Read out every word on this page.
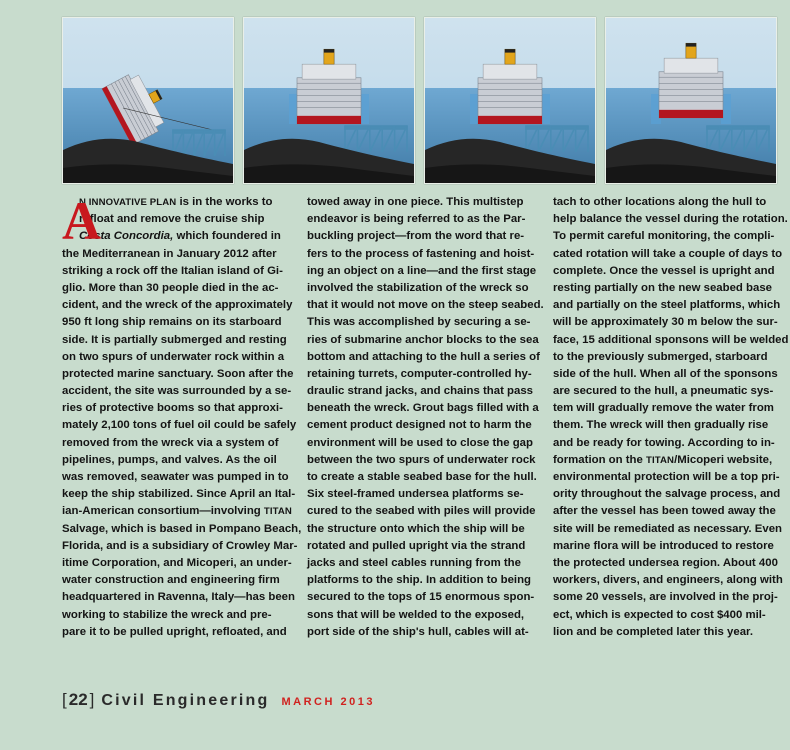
A

N INNOVATIVE PLAN is in the works to

refloat and remove the cruise ship

Costa Concordia, which foundered in

the Mediterranean in January 2012 after

striking a rock off the Italian island of Gi-

glio. More than 30 people died in the ac-

cident, and the wreck of the approximately

950 ft long ship remains on its starboard

side. It is partially submerged and resting

on two spurs of underwater rock within a

protected marine sanctuary. Soon after the

accident, the site was surrounded by a se-

ries of protective booms so that approxi-

mately 2,100 tons of fuel oil could be safely

removed from the wreck via a system of

pipelines, pumps, and valves. As the oil

was removed, seawater was pumped in to

keep the ship stabilized. Since April an Ital-

ian-American consortium—involving TITAN

Salvage, which is based in Pompano Beach,

Florida, and is a subsidiary of Crowley Mar-

itime Corporation, and Micoperi, an under-

water construction and engineering firm

headquartered in Ravenna, Italy—has been

working to stabilize the wreck and pre-

pare it to be pulled upright, refloated, and

towed away in one piece. This multistep

endeavor is being referred to as the Par-

buckling project—from the word that re-

fers to the process of fastening and hoist-

ing an object on a line—and the first stage

involved the stabilization of the wreck so

that it would not move on the steep seabed.

This was accomplished by securing a se-

ries of submarine anchor blocks to the sea

bottom and attaching to the hull a series of

retaining turrets, computer-controlled hy-

draulic strand jacks, and chains that pass

beneath the wreck. Grout bags filled with a

cement product designed not to harm the

environment will be used to close the gap

between the two spurs of underwater rock

to create a stable seabed base for the hull.

Six steel-framed undersea platforms se-

cured to the seabed with piles will provide

the structure onto which the ship will be

rotated and pulled upright via the strand

jacks and steel cables running from the

platforms to the ship. In addition to being

secured to the tops of 15 enormous spon-

sons that will be welded to the exposed,

port side of the ship's hull, cables will at-

tach to other locations along the hull to

help balance the vessel during the rotation.

To permit careful monitoring, the compli-

cated rotation will take a couple of days to

complete. Once the vessel is upright and

resting partially on the new seabed base

and partially on the steel platforms, which

will be approximately 30 m below the sur-

face, 15 additional sponsons will be welded

to the previously submerged, starboard

side of the hull. When all of the sponsons

are secured to the hull, a pneumatic sys-

tem will gradually remove the water from

them. The wreck will then gradually rise

and be ready for towing. According to in-

formation on the TITAN/Micoperi website,

environmental protection will be a top pri-

ority throughout the salvage process, and

after the vessel has been towed away the

site will be remediated as necessary. Even

marine flora will be introduced to restore

the protected undersea region. About 400

workers, divers, and engineers, along with

some 20 vessels, are involved in the proj-

ect, which is expected to cost $400 mil-

lion and be completed later this year.

[ 22 ] Civil Engineering MARCH 2013
